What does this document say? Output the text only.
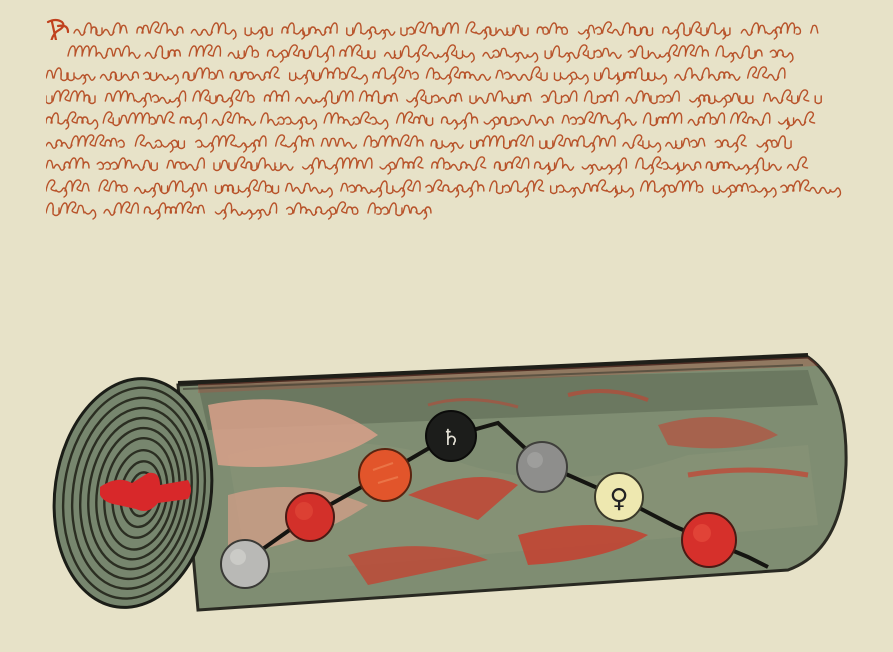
♄
♀
